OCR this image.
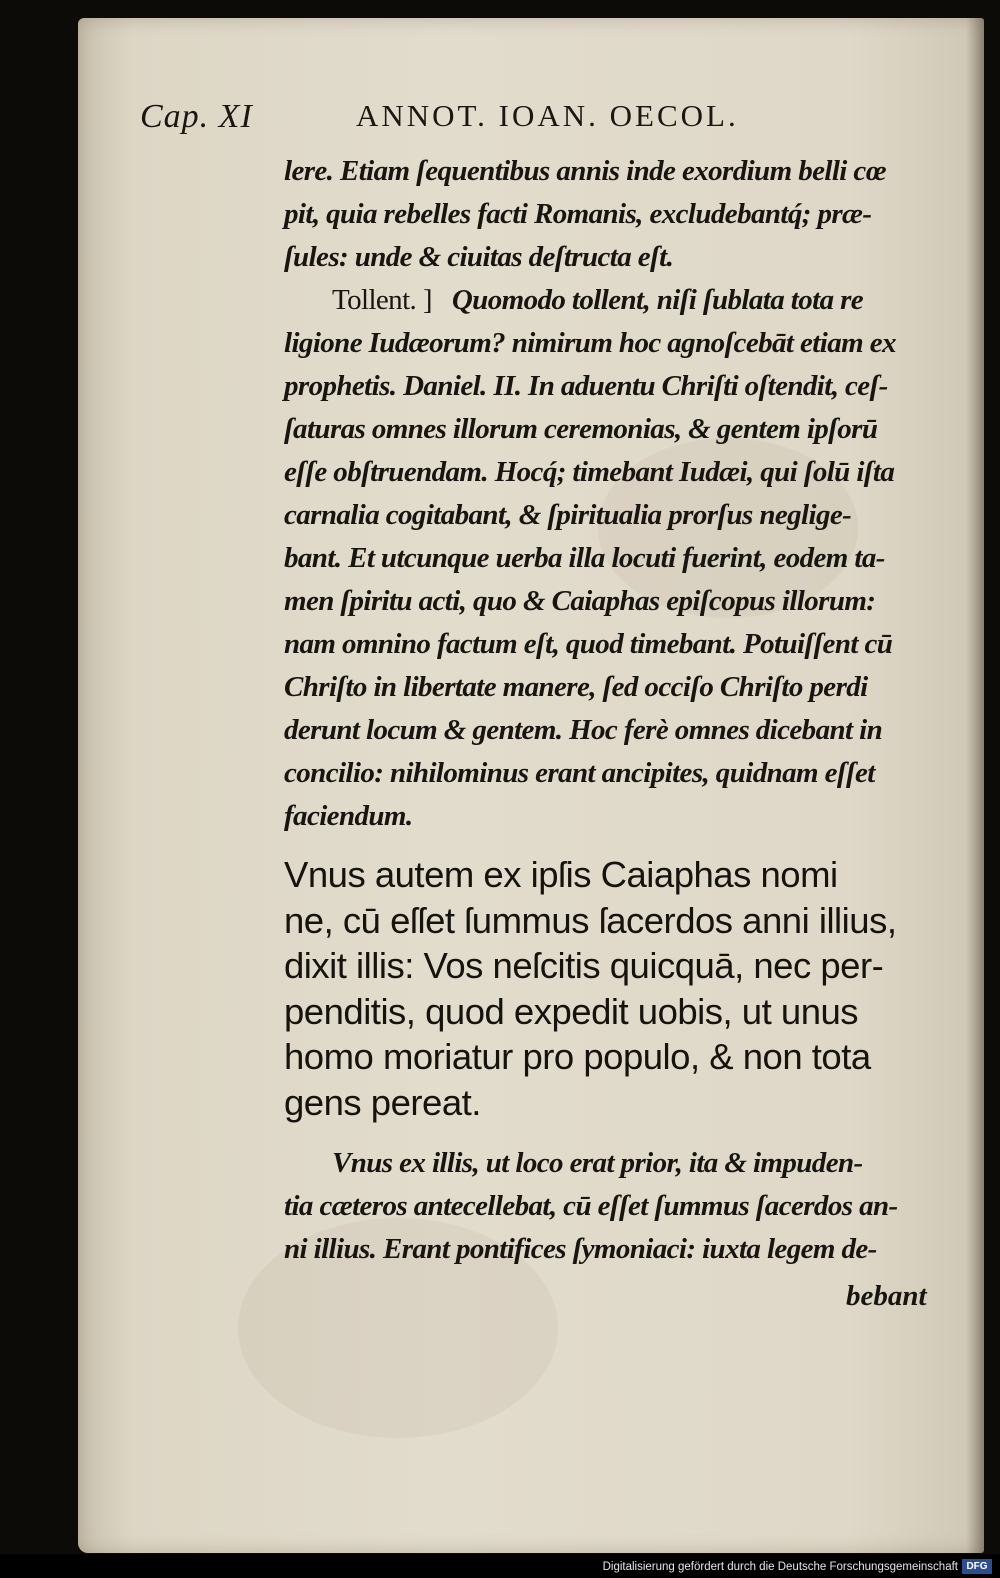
Cap. XI	ANNOT. IOAN. OECOL.
lere. Etiam ſequentibus annis inde exordium belli cœ
pit, quia rebelles facti Romanis, excludebantq́; præ-
ſules: unde & ciuitas deſtructa eſt.
Tollent. ] Quomodo tollent, niſi ſublata tota re
ligione Iudæorum? nimirum hoc agnoſcebāt etiam ex
prophetis. Daniel. II. In aduentu Chriſti oſtendit, ceſ-
ſaturas omnes illorum ceremonias, & gentem ipſorū
eſſe obſtruendam. Hocq́; timebant Iudæi, qui ſolū iſta
carnalia cogitabant, & ſpiritualia prorſus neglige-
bant. Et utcunque uerba illa locuti fuerint, eodem ta-
men ſpiritu acti, quo & Caiaphas epiſcopus illorum:
nam omnino factum eſt, quod timebant. Potuiſſent cū
Chriſto in libertate manere, ſed occiſo Chriſto perdi
derunt locum & gentem. Hoc ferè omnes dicebant in
concilio: nihilominus erant ancipites, quidnam eſſet
faciendum.
Vnus autem ex ipſis Caiaphas nomi
ne, cū eſſet ſummus ſacerdos anni illius,
dixit illis: Vos neſcitis quicquā, nec per-
penditis, quod expedit uobis, ut unus
homo moriatur pro populo, & non tota
gens pereat.
Vnus ex illis, ut loco erat prior, ita & impuden-
tia cæteros antecellebat, cū eſſet ſummus ſacerdos an-
ni illius. Erant pontifices ſymoniaci: iuxta legem de-
bebant
Digitalisierung gefördert durch die Deutsche Forschungsgemeinschaft DFG
